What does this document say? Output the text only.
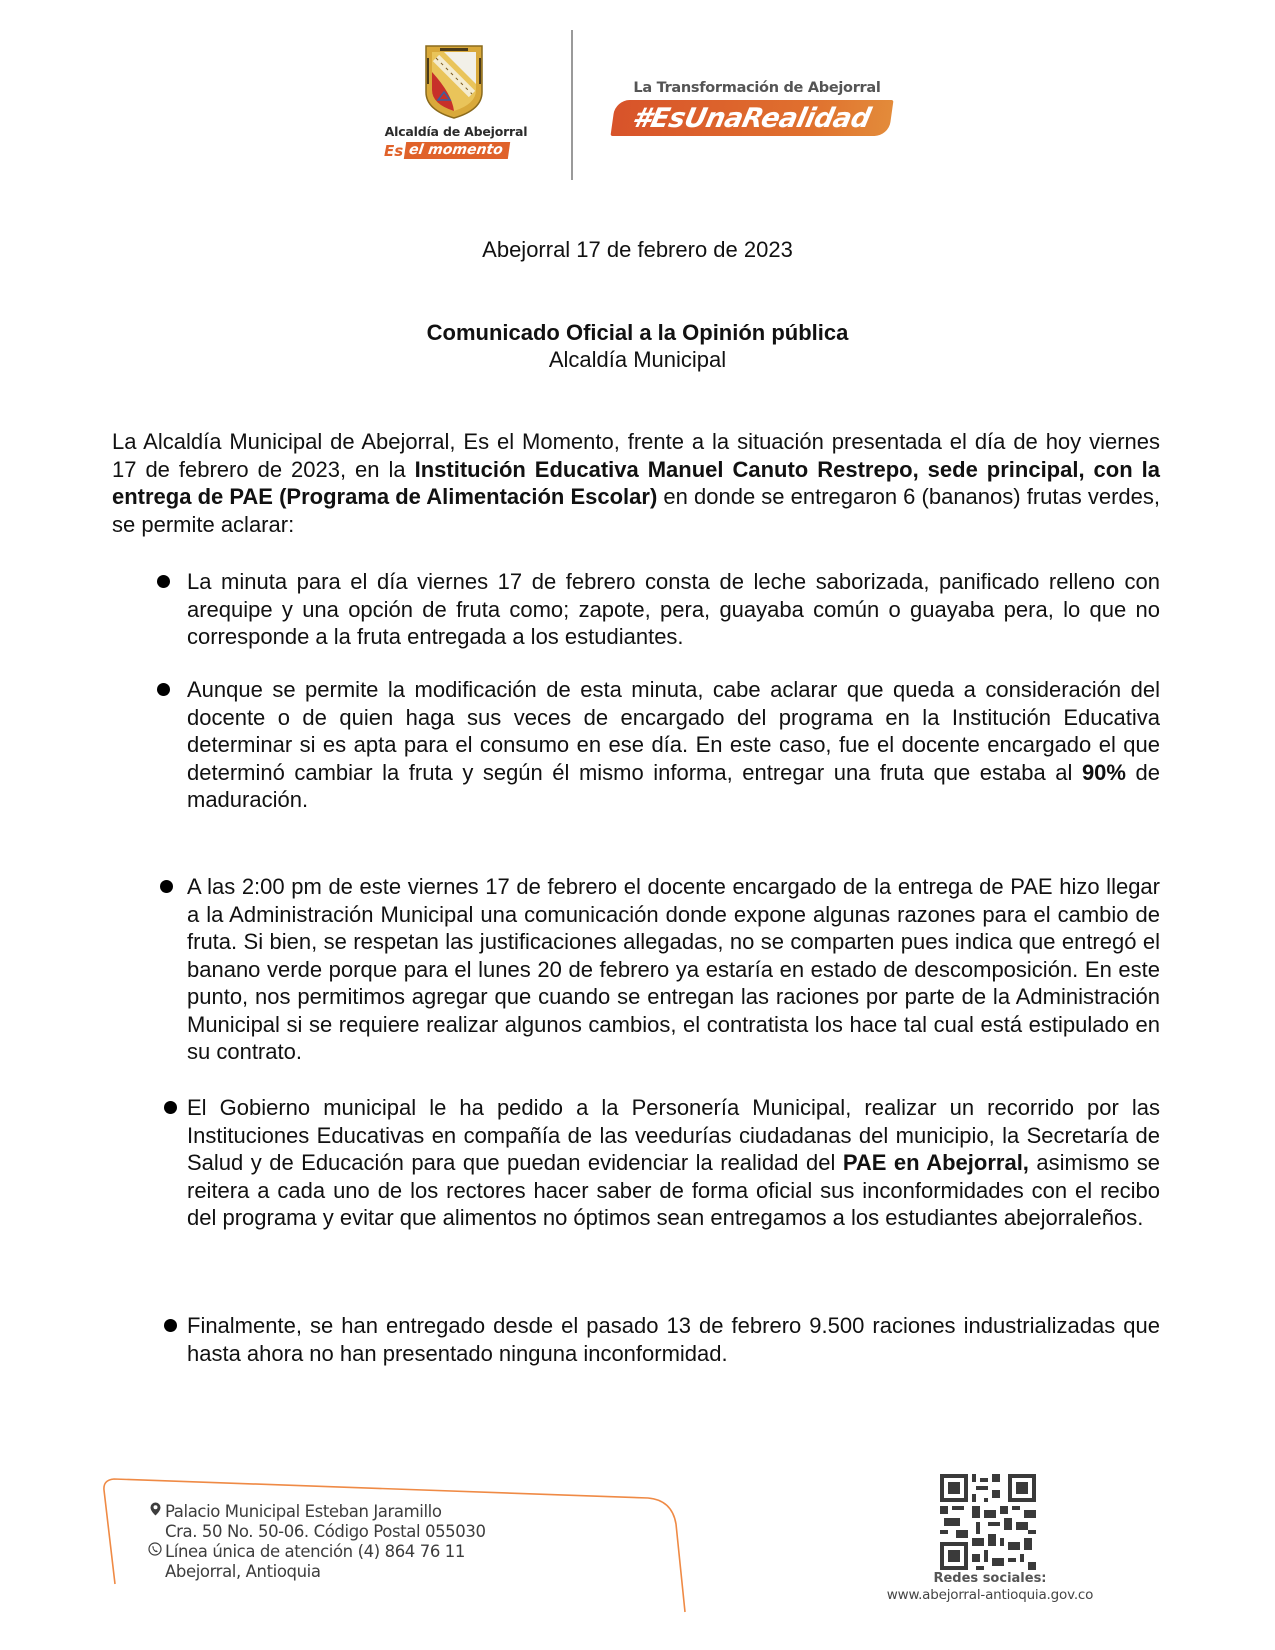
Alcaldía de Abejorral
Es el momento
La Transformación de Abejorral
#EsUnaRealidad
Abejorral 17 de febrero de 2023
Comunicado Oficial a la Opinión pública
Alcaldía Municipal
La Alcaldía Municipal de Abejorral, Es el Momento, frente a la situación presentada el día de hoy viernes 17 de febrero de 2023, en la Institución Educativa Manuel Canuto Restrepo, sede principal, con la entrega de PAE (Programa de Alimentación Escolar) en donde se entregaron 6 (bananos) frutas verdes, se permite aclarar:
La minuta para el día viernes 17 de febrero consta de leche saborizada, panificado relleno con arequipe y una opción de fruta como; zapote, pera, guayaba común o guayaba pera, lo que no corresponde a la fruta entregada a los estudiantes.
Aunque se permite la modificación de esta minuta, cabe aclarar que queda a consideración del docente o de quien haga sus veces de encargado del programa en la Institución Educativa determinar si es apta para el consumo en ese día. En este caso, fue el docente encargado el que determinó cambiar la fruta y según él mismo informa, entregar una fruta que estaba al 90% de maduración.
A las 2:00 pm de este viernes 17 de febrero el docente encargado de la entrega de PAE hizo llegar a la Administración Municipal una comunicación donde expone algunas razones para el cambio de fruta. Si bien, se respetan las justificaciones allegadas, no se comparten pues indica que entregó el banano verde porque para el lunes 20 de febrero ya estaría en estado de descomposición. En este punto, nos permitimos agregar que cuando se entregan las raciones por parte de la Administración Municipal si se requiere realizar algunos cambios, el contratista los hace tal cual está estipulado en su contrato.
El Gobierno municipal le ha pedido a la Personería Municipal, realizar un recorrido por las Instituciones Educativas en compañía de las veedurías ciudadanas del municipio, la Secretaría de Salud y de Educación para que puedan evidenciar la realidad del PAE en Abejorral, asimismo se reitera a cada uno de los rectores hacer saber de forma oficial sus inconformidades con el recibo del programa y evitar que alimentos no óptimos sean entregamos a los estudiantes abejorraleños.
Finalmente, se han entregado desde el pasado 13 de febrero 9.500 raciones industrializadas que hasta ahora no han presentado ninguna inconformidad.
Palacio Municipal Esteban Jaramillo
Cra. 50 No. 50-06. Código Postal 055030
Línea única de atención (4) 864 76 11
Abejorral, Antioquia	Redes sociales:
www.abejorral-antioquia.gov.co
